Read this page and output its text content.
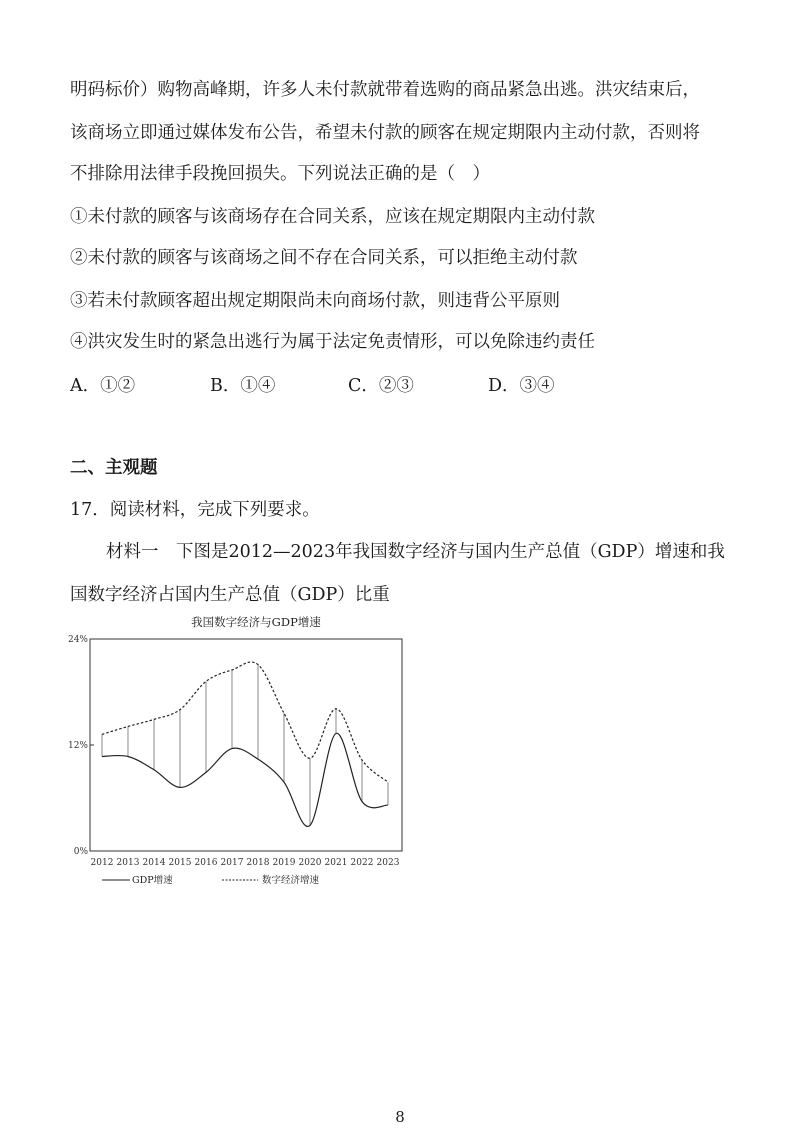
明码标价）购物高峰期，许多人未付款就带着选购的商品紧急出逃。洪灾结束后，
该商场立即通过媒体发布公告，希望未付款的顾客在规定期限内主动付款，否则将
不排除用法律手段挽回损失。下列说法正确的是（　）
①未付款的顾客与该商场存在合同关系，应该在规定期限内主动付款
②未付款的顾客与该商场之间不存在合同关系，可以拒绝主动付款
③若未付款顾客超出规定期限尚未向商场付款，则违背公平原则
④洪灾发生时的紧急出逃行为属于法定免责情形，可以免除违约责任
A．①②	B．①④	C．②③	D．③④
二、主观题
17．阅读材料，完成下列要求。
材料一　下图是2012—2023年我国数字经济与国内生产总值（GDP）增速和我
国数字经济占国内生产总值（GDP）比重
我国数字经济与GDP增速
0%
12%
24%
2012 2013 2014 2015 2016 2017 2018 2019 2020 2021 2022 2023
GDP增速	数字经济增速
8
